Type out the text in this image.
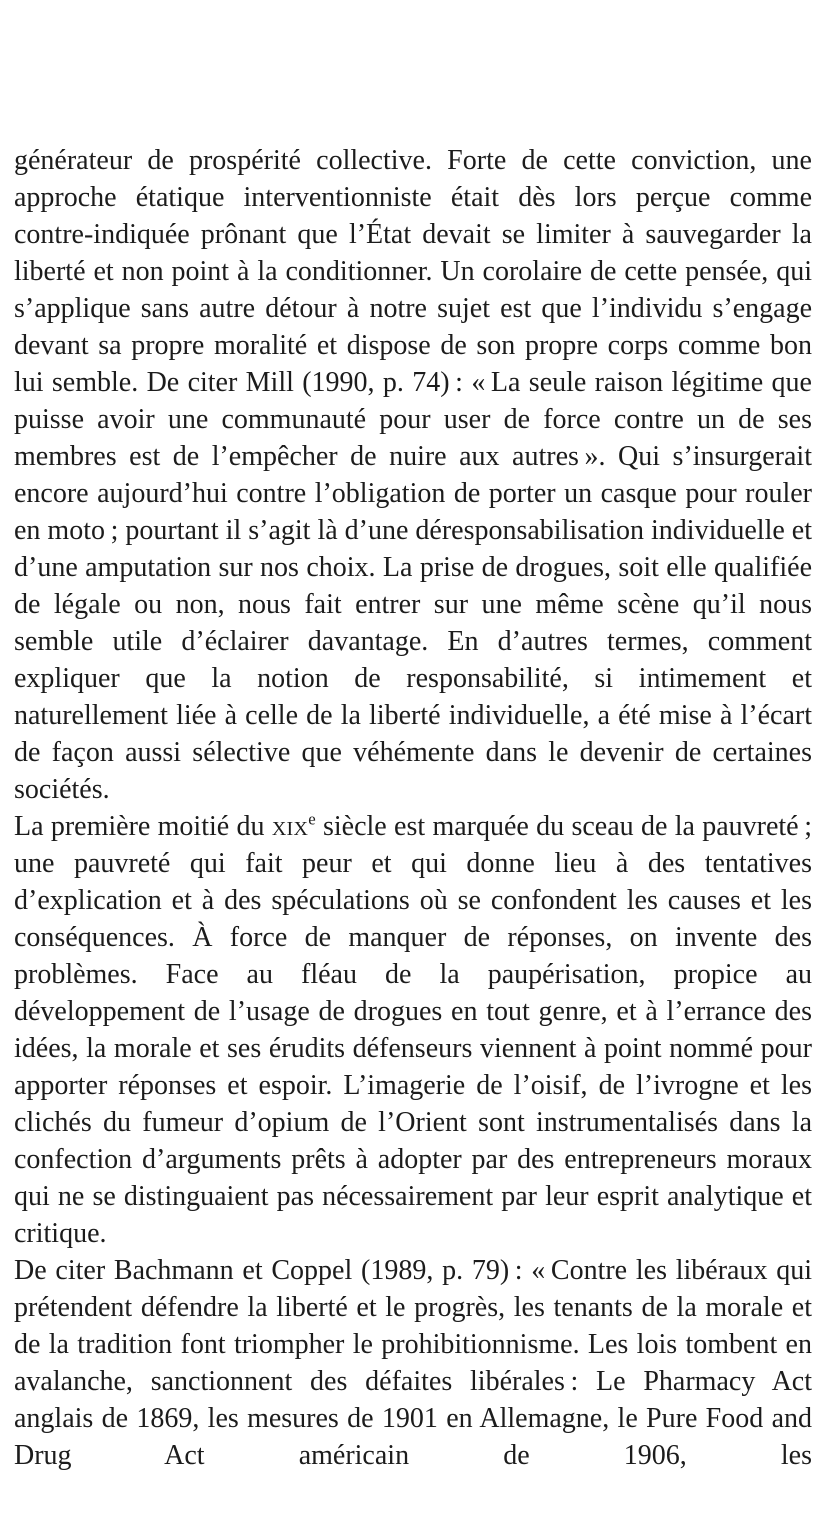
générateur de prospérité collective. Forte de cette conviction, une approche étatique interventionniste était dès lors perçue comme contre-indiquée prônant que l’État devait se limiter à sauvegarder la liberté et non point à la conditionner. Un corolaire de cette pensée, qui s’applique sans autre détour à notre sujet est que l’individu s’engage devant sa propre moralité et dispose de son propre corps comme bon lui semble. De citer Mill (1990, p. 74) : « La seule raison légitime que puisse avoir une communauté pour user de force contre un de ses membres est de l’empêcher de nuire aux autres ». Qui s’insurgerait encore aujourd’hui contre l’obligation de porter un casque pour rouler en moto ; pourtant il s’agit là d’une déresponsabilisation individuelle et d’une amputation sur nos choix. La prise de drogues, soit elle qualifiée de légale ou non, nous fait entrer sur une même scène qu’il nous semble utile d’éclairer davantage. En d’autres termes, comment expliquer que la notion de responsabilité, si intimement et naturellement liée à celle de la liberté individuelle, a été mise à l’écart de façon aussi sélective que véhémente dans le devenir de certaines sociétés.

La première moitié du xix$^e$ siècle est marquée du sceau de la pauvreté ; une pauvreté qui fait peur et qui donne lieu à des tentatives d’explication et à des spéculations où se confondent les causes et les conséquences. À force de manquer de réponses, on invente des problèmes. Face au fléau de la paupérisation, propice au développement de l’usage de drogues en tout genre, et à l’errance des idées, la morale et ses érudits défenseurs viennent à point nommé pour apporter réponses et espoir. L’imagerie de l’oisif, de l’ivrogne et les clichés du fumeur d’opium de l’Orient sont instrumentalisés dans la confection d’arguments prêts à adopter par des entrepreneurs moraux qui ne se distinguaient pas nécessairement par leur esprit analytique et critique.

De citer Bachmann et Coppel (1989, p. 79) : « Contre les libéraux qui prétendent défendre la liberté et le progrès, les tenants de la morale et de la tradition font triompher le prohibitionnisme. Les lois tombent en avalanche, sanctionnent des défaites libérales : Le Pharmacy Act anglais de 1869, les mesures de 1901 en Allemagne, le Pure Food and Drug Act américain de 1906, les
